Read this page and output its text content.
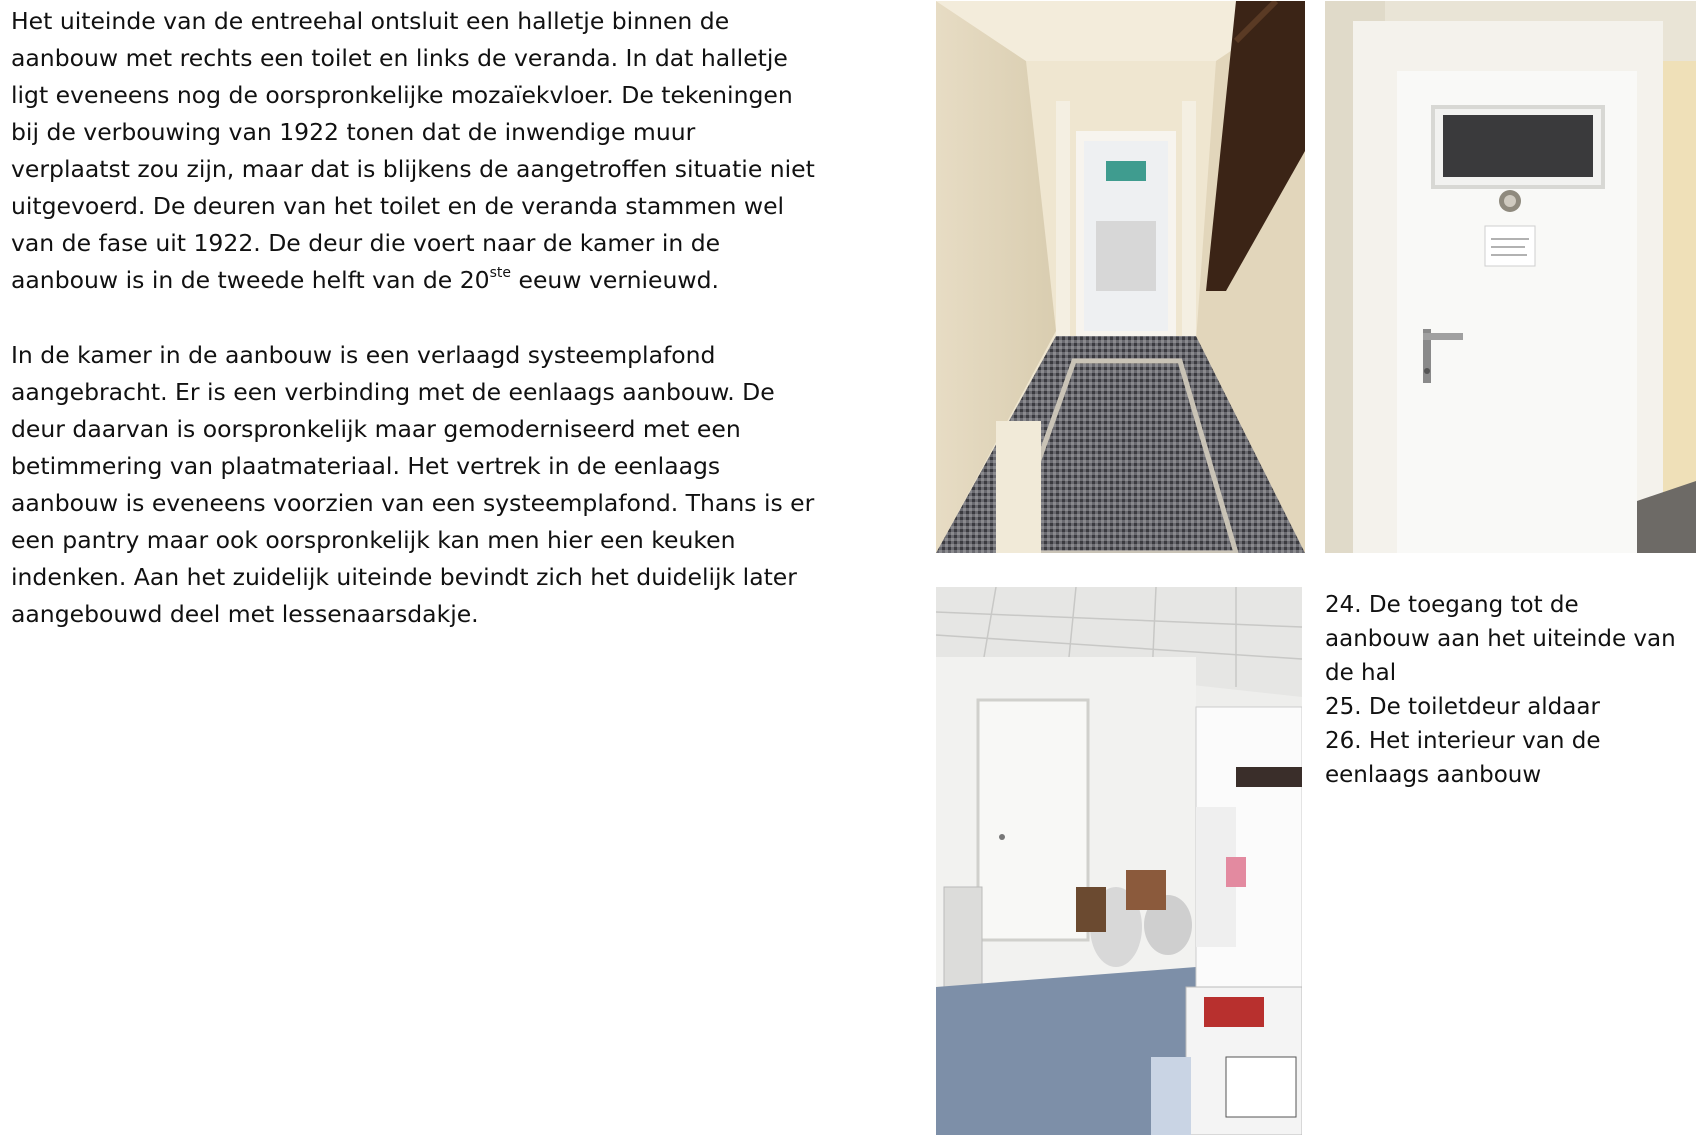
Het uiteinde van de entreehal ontsluit een halletje binnen de
aanbouw met rechts een toilet en links de veranda. In dat halletje
ligt eveneens nog de oorspronkelijke mozaïekvloer. De tekeningen
bij de verbouwing van 1922 tonen dat de inwendige muur
verplaatst zou zijn, maar dat is blijkens de aangetroffen situatie niet
uitgevoerd. De deuren van het toilet en de veranda stammen wel
van de fase uit 1922. De deur die voert naar de kamer in de
aanbouw is in de tweede helft van de 20ste eeuw vernieuwd.
In de kamer in de aanbouw is een verlaagd systeemplafond
aangebracht. Er is een verbinding met de eenlaags aanbouw. De
deur daarvan is oorspronkelijk maar gemoderniseerd met een
betimmering van plaatmateriaal. Het vertrek in de eenlaags
aanbouw is eveneens voorzien van een systeemplafond. Thans is er
een pantry maar ook oorspronkelijk kan men hier een keuken
indenken. Aan het zuidelijk uiteinde bevindt zich het duidelijk later
aangebouwd deel met lessenaarsdakje.	24. De toegang tot de
aanbouw aan het uiteinde van
de hal
25. De toiletdeur aldaar
26. Het interieur van de
eenlaags aanbouw
